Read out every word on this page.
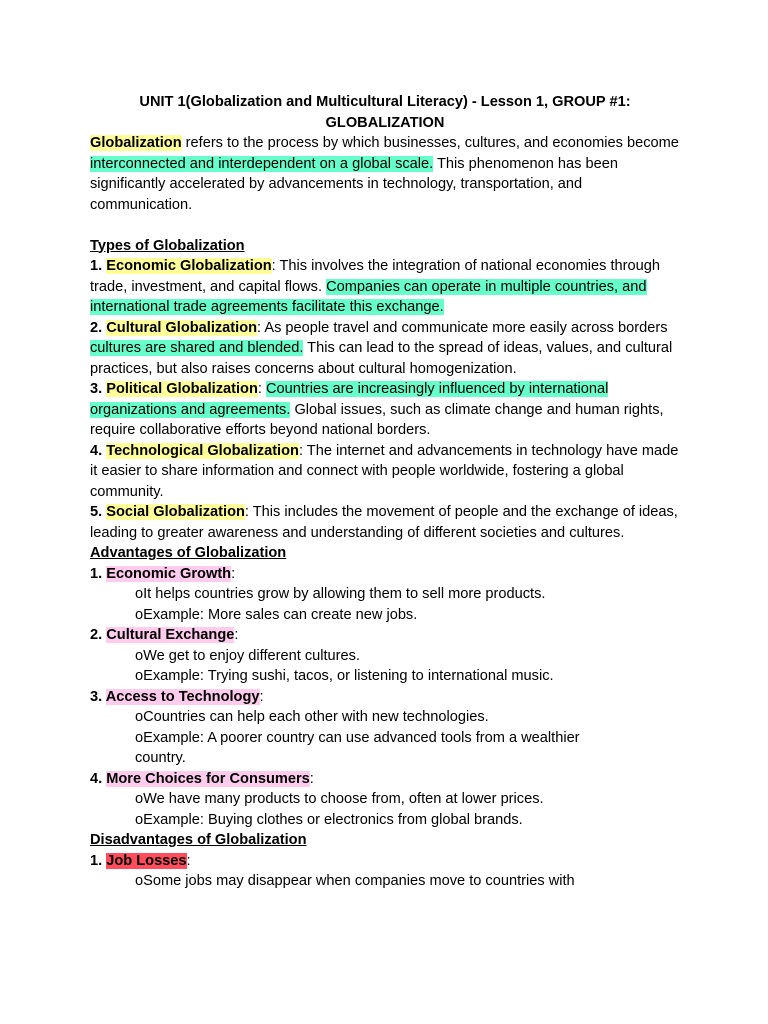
UNIT 1(Globalization and Multicultural Literacy) - Lesson 1, GROUP #1:
GLOBALIZATION

Globalization refers to the process by which businesses, cultures, and economies become interconnected and interdependent on a global scale. This phenomenon has been significantly accelerated by advancements in technology, transportation, and communication.

Types of Globalization

1. Economic Globalization: This involves the integration of national economies through trade, investment, and capital flows. Companies can operate in multiple countries, and international trade agreements facilitate this exchange.

2. Cultural Globalization: As people travel and communicate more easily across borders cultures are shared and blended. This can lead to the spread of ideas, values, and cultural practices, but also raises concerns about cultural homogenization.

3. Political Globalization: Countries are increasingly influenced by international organizations and agreements. Global issues, such as climate change and human rights, require collaborative efforts beyond national borders.

4. Technological Globalization: The internet and advancements in technology have made it easier to share information and connect with people worldwide, fostering a global community.

5. Social Globalization: This includes the movement of people and the exchange of ideas, leading to greater awareness and understanding of different societies and cultures.

Advantages of Globalization

1. Economic Growth:

oIt helps countries grow by allowing them to sell more products.

oExample: More sales can create new jobs.

2. Cultural Exchange:

oWe get to enjoy different cultures.

oExample: Trying sushi, tacos, or listening to international music.

3. Access to Technology:

oCountries can help each other with new technologies.

oExample: A poorer country can use advanced tools from a wealthier country.

4. More Choices for Consumers:

oWe have many products to choose from, often at lower prices.

oExample: Buying clothes or electronics from global brands.

Disadvantages of Globalization

1. Job Losses:

oSome jobs may disappear when companies move to countries with
